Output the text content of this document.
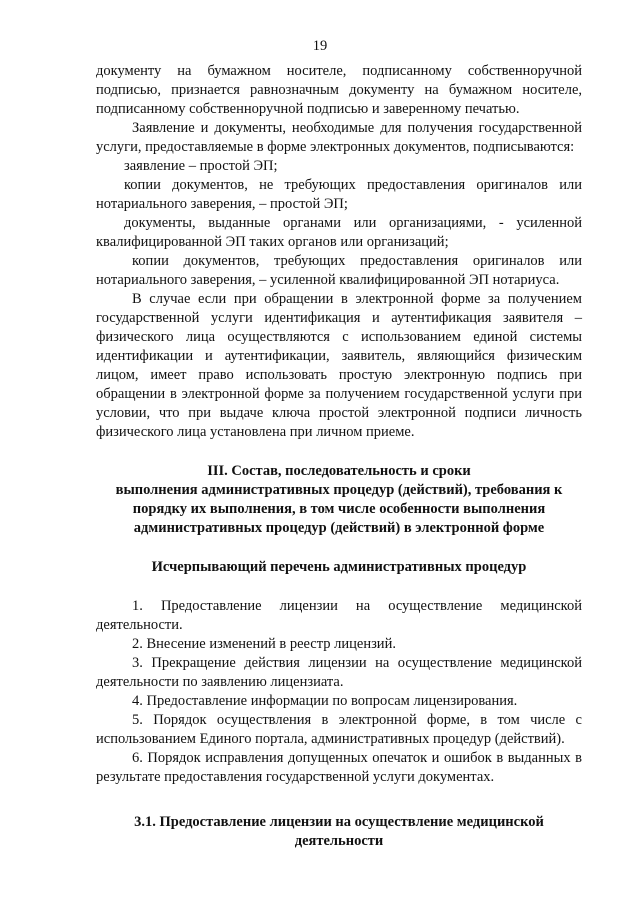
19

документу на бумажном носителе, подписанному собственноручной подписью, признается равнозначным документу на бумажном носителе, подписанному собственноручной подписью и заверенному печатью.

Заявление и документы, необходимые для получения государственной услуги, предоставляемые в форме электронных документов, подписываются:

заявление – простой ЭП;

копии документов, не требующих предоставления оригиналов или нотариального заверения, – простой ЭП;

документы, выданные органами или организациями, - усиленной квалифицированной ЭП таких органов или организаций;

копии документов, требующих предоставления оригиналов или нотариального заверения, – усиленной квалифицированной ЭП нотариуса.

В случае если при обращении в электронной форме за получением государственной услуги идентификация и аутентификация заявителя – физического лица осуществляются с использованием единой системы идентификации и аутентификации, заявитель, являющийся физическим лицом, имеет право использовать простую электронную подпись при обращении в электронной форме за получением государственной услуги при условии, что при выдаче ключа простой электронной подписи личность физического лица установлена при личном приеме.

III. Состав, последовательность и сроки

выполнения административных процедур (действий), требования к

порядку их выполнения, в том числе особенности выполнения

административных процедур (действий) в электронной форме

Исчерпывающий перечень административных процедур

1. Предоставление лицензии на осуществление медицинской деятельности.

2. Внесение изменений в реестр лицензий.

3. Прекращение действия лицензии на осуществление медицинской деятельности по заявлению лицензиата.

4. Предоставление информации по вопросам лицензирования.

5. Порядок осуществления в электронной форме, в том числе с использованием Единого портала, административных процедур (действий).

6. Порядок исправления допущенных опечаток и ошибок в выданных в результате предоставления государственной услуги документах.

3.1. Предоставление лицензии на осуществление медицинской

деятельности
